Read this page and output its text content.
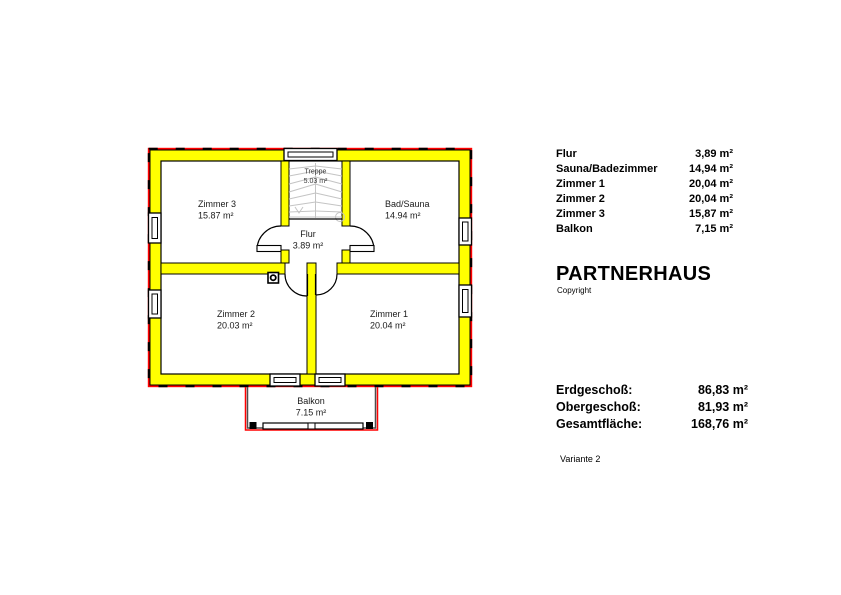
Zimmer 3
15.87 m²
Treppe
5.03 m²
Bad/Sauna
14.94 m²
Flur
3.89 m²
Zimmer 2
20.03 m²
Zimmer 1
20.04 m²
Balkon
7.15 m²
Flur	3,89 m²
Sauna/Badezimmer	14,94 m²
Zimmer 1	20,04 m²
Zimmer 2	20,04 m²
Zimmer 3	15,87 m²
Balkon	7,15 m²
PARTNERHAUS
Copyright
Erdgeschoß:	86,83 m²
Obergeschoß:	81,93 m²
Gesamtfläche:	168,76 m²
Variante 2
